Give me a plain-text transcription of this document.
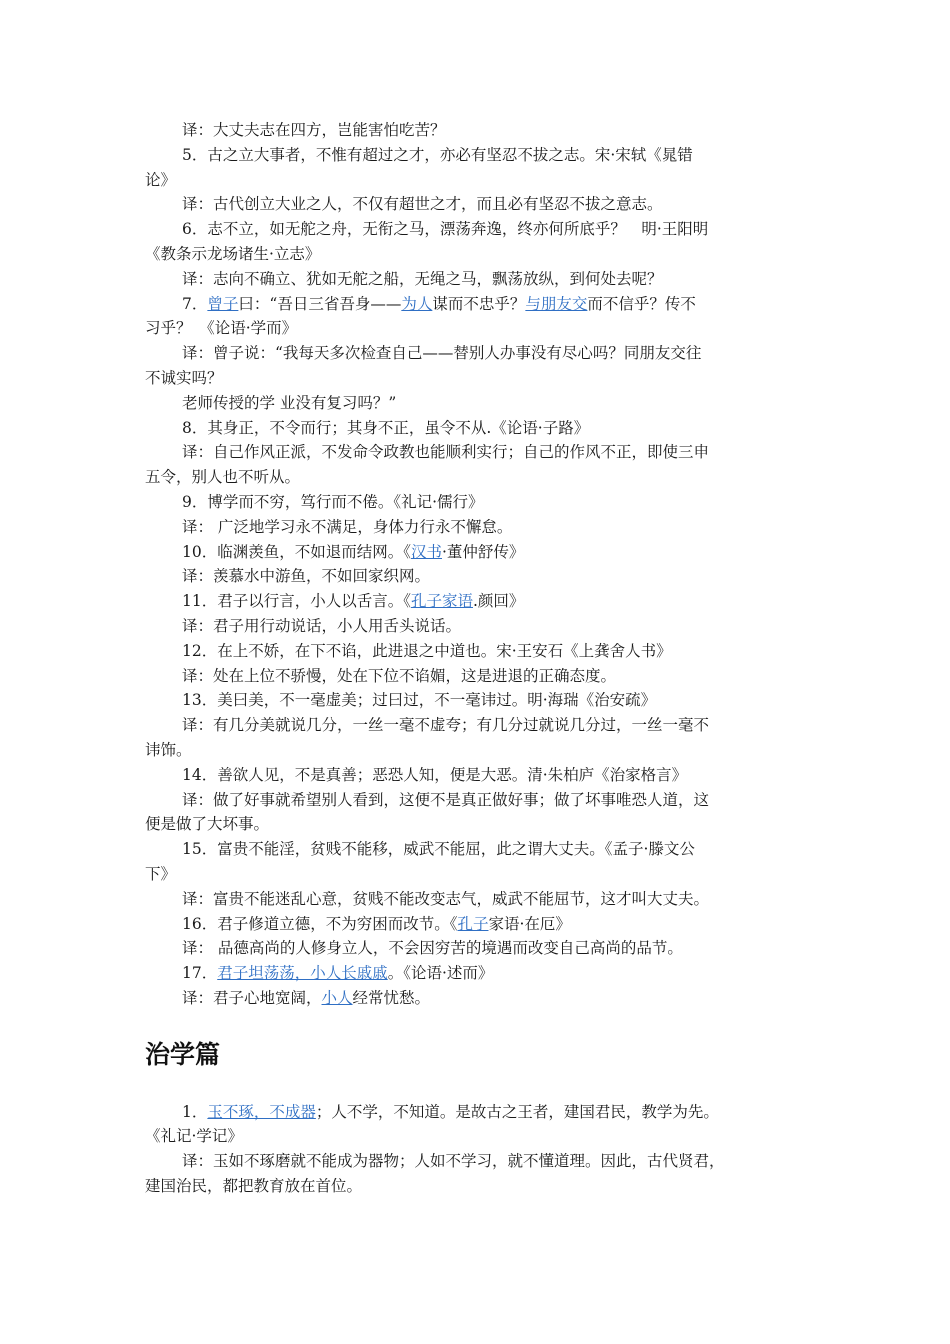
译：大丈夫志在四方，岂能害怕吃苦？
5．古之立大事者，不惟有超过之才，亦必有坚忍不拔之志。宋·宋轼《晁错
论》
译：古代创立大业之人，不仅有超世之才，而且必有坚忍不拔之意志。
6．志不立，如无舵之舟，无衔之马，漂荡奔逸，终亦何所底乎？　明·王阳明
《教条示龙场诸生·立志》
译：志向不确立、犹如无舵之船，无绳之马，飘荡放纵，到何处去呢？
7．曾子曰：“吾日三省吾身——为人谋而不忠乎？与朋友交而不信乎？传不
习乎？　《论语·学而》
译：曾子说：“我每天多次检查自己——替别人办事没有尽心吗？同朋友交往
不诚实吗？
老师传授的学 业没有复习吗？”
8．其身正，不令而行；其身不正，虽令不从.《论语·子路》
译：自己作风正派，不发命令政教也能顺利实行；自己的作风不正，即使三申
五令，别人也不听从。
9．博学而不穷，笃行而不倦。《礼记·儒行》
译： 广泛地学习永不满足，身体力行永不懈怠。
10．临渊羡鱼，不如退而结网。《汉书·董仲舒传》
译：羡慕水中游鱼，不如回家织网。
11．君子以行言，小人以舌言。《孔子家语.颜回》
译：君子用行动说话，小人用舌头说话。
12．在上不娇，在下不谄，此进退之中道也。宋·王安石《上龚舍人书》
译：处在上位不骄慢，处在下位不谄媚，这是进退的正确态度。
13．美曰美，不一毫虚美；过曰过，不一毫讳过。明·海瑞《治安疏》
译：有几分美就说几分，一丝一毫不虚夸；有几分过就说几分过，一丝一毫不
讳饰。
14．善欲人见，不是真善；恶恐人知，便是大恶。清·朱柏庐《治家格言》
译：做了好事就希望别人看到，这便不是真正做好事；做了坏事唯恐人道，这
便是做了大坏事。
15．富贵不能淫，贫贱不能移，威武不能屈，此之谓大丈夫。《孟子·滕文公
下》
译：富贵不能迷乱心意，贫贱不能改变志气，威武不能屈节，这才叫大丈夫。
16．君子修道立德，不为穷困而改节。《孔子家语·在厄》
译： 品德高尚的人修身立人，不会因穷苦的境遇而改变自己高尚的品节。
17．君子坦荡荡，小人长戚戚。《论语·述而》
译：君子心地宽阔，小人经常忧愁。
治学篇
1．玉不琢，不成器；人不学，不知道。是故古之王者，建国君民，教学为先。
《礼记·学记》
译：玉如不琢磨就不能成为器物；人如不学习，就不懂道理。因此，古代贤君，
建国治民，都把教育放在首位。
